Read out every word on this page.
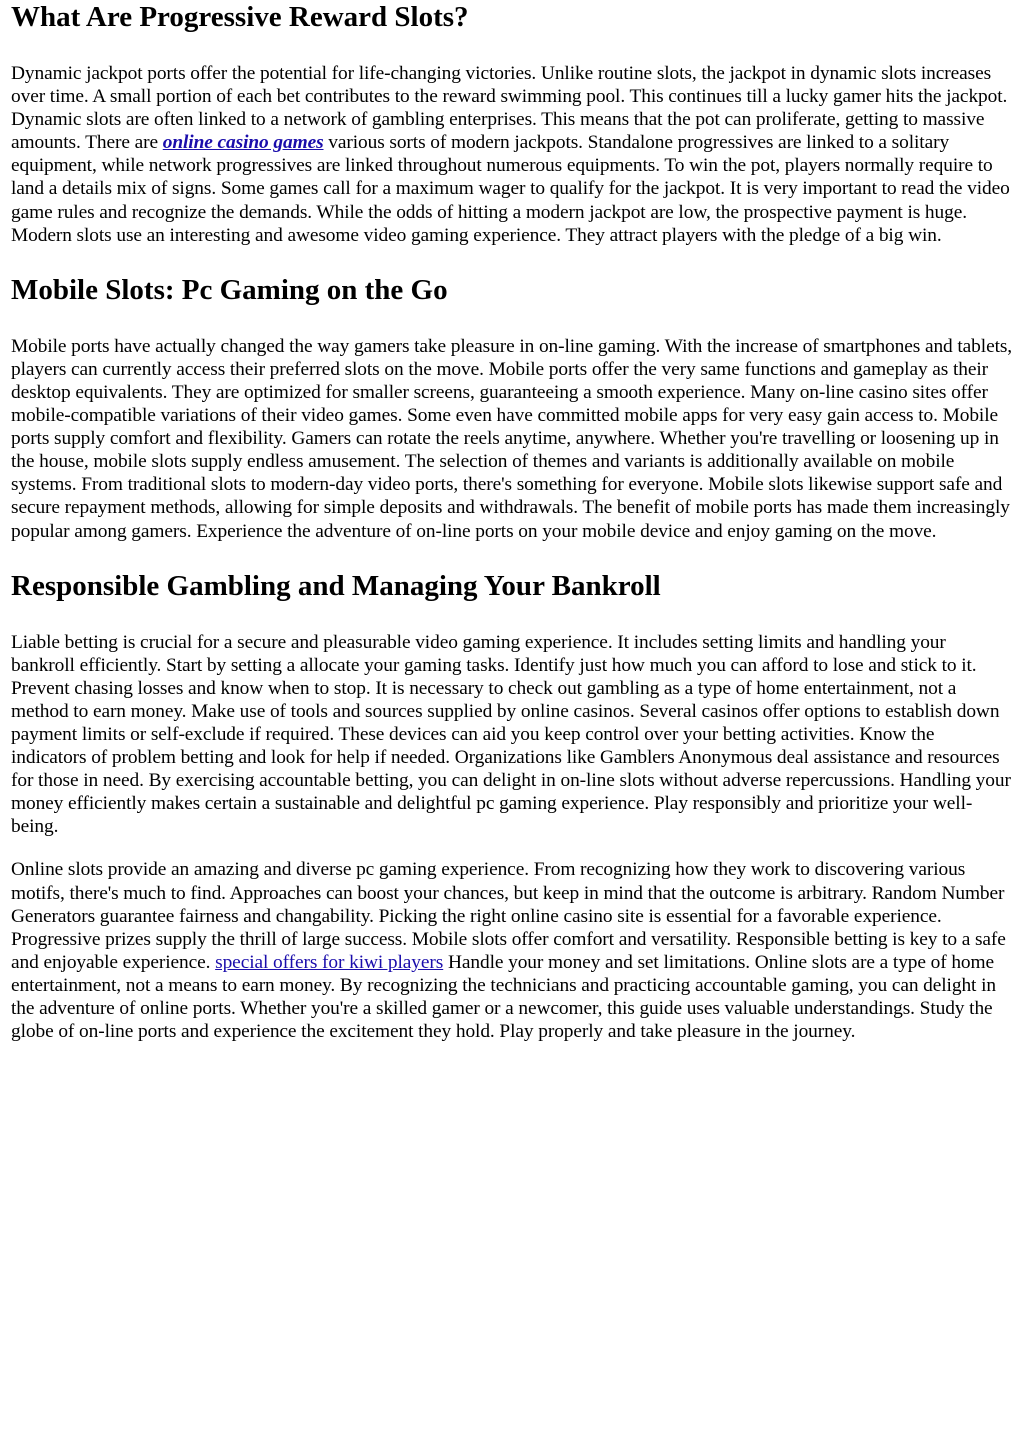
What Are Progressive Reward Slots?

Dynamic jackpot ports offer the potential for life-changing victories. Unlike routine slots, the jackpot in dynamic slots increases over time. A small portion of each bet contributes to the reward swimming pool. This continues till a lucky gamer hits the jackpot. Dynamic slots are often linked to a network of gambling enterprises. This means that the pot can proliferate, getting to massive amounts. There are online casino games various sorts of modern jackpots. Standalone progressives are linked to a solitary equipment, while network progressives are linked throughout numerous equipments. To win the pot, players normally require to land a details mix of signs. Some games call for a maximum wager to qualify for the jackpot. It is very important to read the video game rules and recognize the demands. While the odds of hitting a modern jackpot are low, the prospective payment is huge. Modern slots use an interesting and awesome video gaming experience. They attract players with the pledge of a big win.

Mobile Slots: Pc Gaming on the Go

Mobile ports have actually changed the way gamers take pleasure in on-line gaming. With the increase of smartphones and tablets, players can currently access their preferred slots on the move. Mobile ports offer the very same functions and gameplay as their desktop equivalents. They are optimized for smaller screens, guaranteeing a smooth experience. Many on-line casino sites offer mobile-compatible variations of their video games. Some even have committed mobile apps for very easy gain access to. Mobile ports supply comfort and flexibility. Gamers can rotate the reels anytime, anywhere. Whether you're travelling or loosening up in the house, mobile slots supply endless amusement. The selection of themes and variants is additionally available on mobile systems. From traditional slots to modern-day video ports, there's something for everyone. Mobile slots likewise support safe and secure repayment methods, allowing for simple deposits and withdrawals. The benefit of mobile ports has made them increasingly popular among gamers. Experience the adventure of on-line ports on your mobile device and enjoy gaming on the move.

Responsible Gambling and Managing Your Bankroll

Liable betting is crucial for a secure and pleasurable video gaming experience. It includes setting limits and handling your bankroll efficiently. Start by setting a allocate your gaming tasks. Identify just how much you can afford to lose and stick to it. Prevent chasing losses and know when to stop. It is necessary to check out gambling as a type of home entertainment, not a method to earn money. Make use of tools and sources supplied by online casinos. Several casinos offer options to establish down payment limits or self-exclude if required. These devices can aid you keep control over your betting activities. Know the indicators of problem betting and look for help if needed. Organizations like Gamblers Anonymous deal assistance and resources for those in need. By exercising accountable betting, you can delight in on-line slots without adverse repercussions. Handling your money efficiently makes certain a sustainable and delightful pc gaming experience. Play responsibly and prioritize your well-being.

Online slots provide an amazing and diverse pc gaming experience. From recognizing how they work to discovering various motifs, there's much to find. Approaches can boost your chances, but keep in mind that the outcome is arbitrary. Random Number Generators guarantee fairness and changability. Picking the right online casino site is essential for a favorable experience. Progressive prizes supply the thrill of large success. Mobile slots offer comfort and versatility. Responsible betting is key to a safe and enjoyable experience. special offers for kiwi players Handle your money and set limitations. Online slots are a type of home entertainment, not a means to earn money. By recognizing the technicians and practicing accountable gaming, you can delight in the adventure of online ports. Whether you're a skilled gamer or a newcomer, this guide uses valuable understandings. Study the globe of on-line ports and experience the excitement they hold. Play properly and take pleasure in the journey.
